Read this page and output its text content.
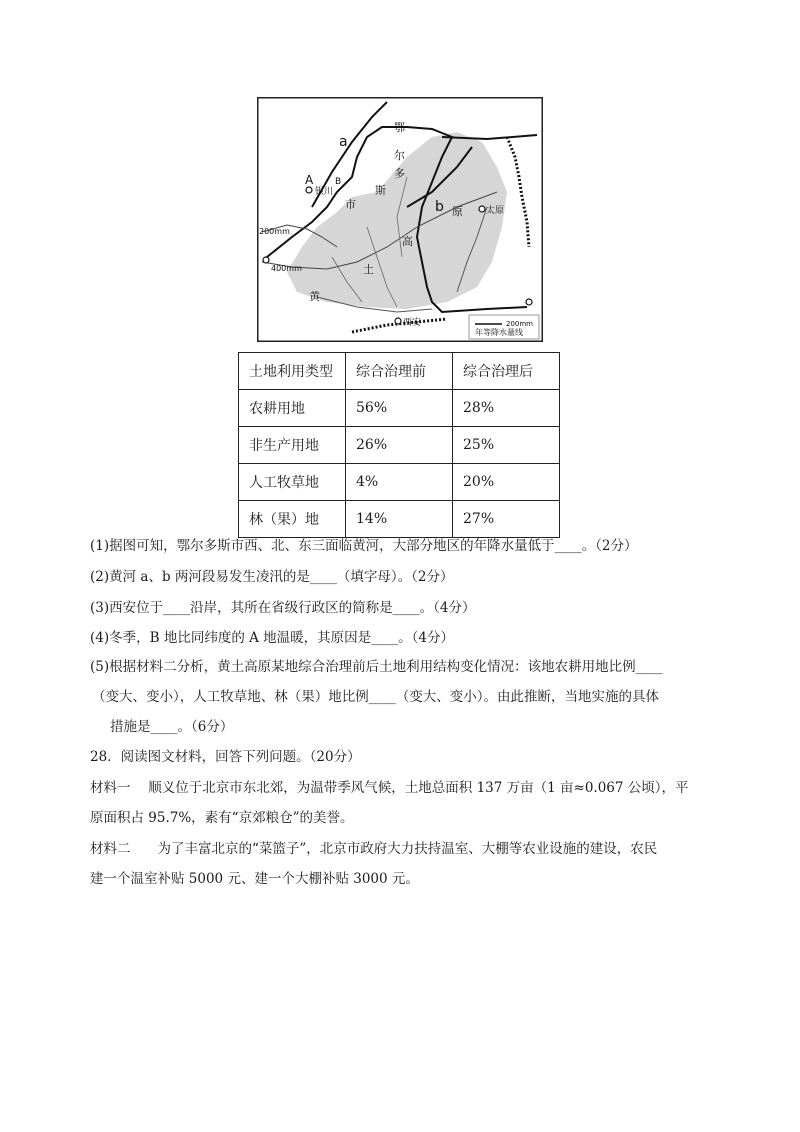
鄂
尔
多
斯
市
原
高
土
黄
a
b
A B
银川
太原
西安
200mm
400mm
200mm
年等降水量线
土地利用类型	综合治理前	综合治理后
农耕用地	56%	28%
非生产用地	26%	25%
人工牧草地	4%	20%
林（果）地	14%	27%
(1)据图可知，鄂尔多斯市西、北、东三面临黄河，大部分地区的年降水量低于____。（2分）
(2)黄河 a、b 两河段易发生凌汛的是____（填字母）。（2分）
(3)西安位于____沿岸，其所在省级行政区的简称是____。（4分）
(4)冬季，B 地比同纬度的 A 地温暖，其原因是____。（4分）
(5)根据材料二分析，黄土高原某地综合治理前后土地利用结构变化情况：该地农耕用地比例____
（变大、变小），人工牧草地、林（果）地比例____（变大、变小）。由此推断，当地实施的具体
措施是____。（6分）
28．阅读图文材料，回答下列问题。（20分）
材料一　 顺义位于北京市东北郊，为温带季风气候，土地总面积 137 万亩（1 亩≈0.067 公顷），平
原面积占 95.7%，素有“京郊粮仓”的美誉。
材料二　　为了丰富北京的“菜篮子”，北京市政府大力扶持温室、大棚等农业设施的建设，农民
建一个温室补贴 5000 元、建一个大棚补贴 3000 元。
